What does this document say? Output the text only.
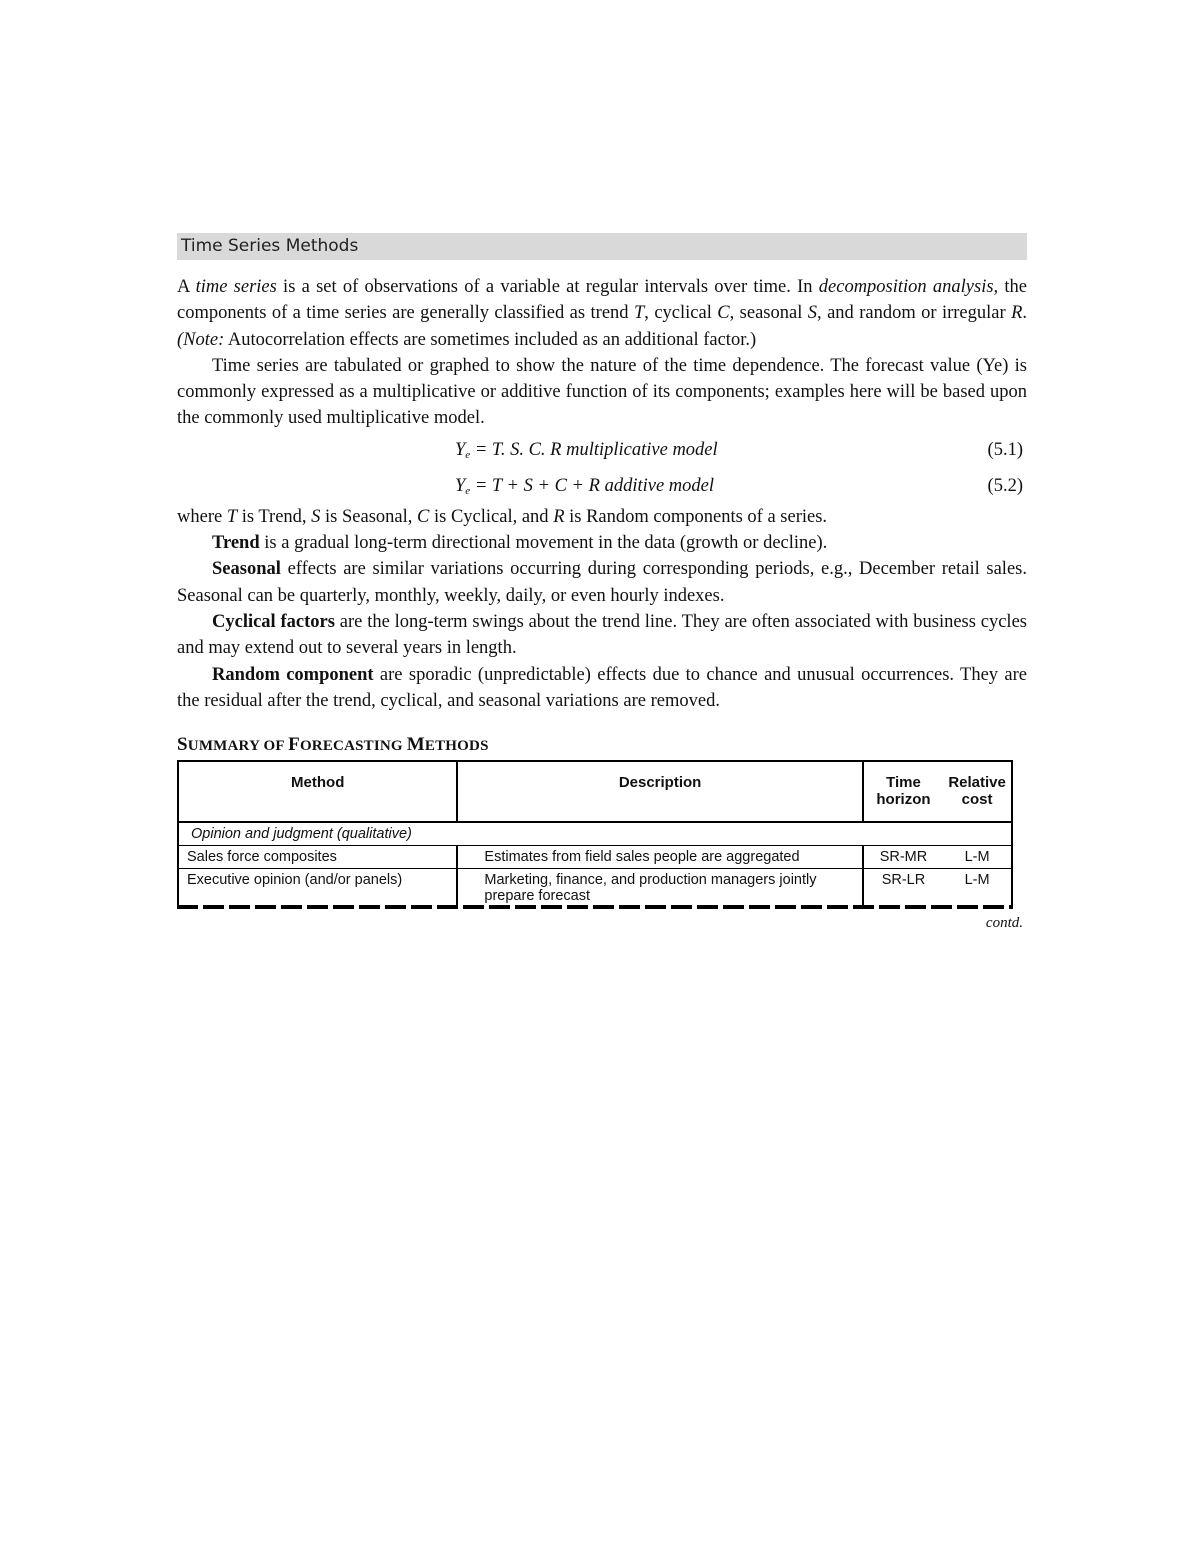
Time Series Methods

A time series is a set of observations of a variable at regular intervals over time. In decomposition analysis, the components of a time series are generally classified as trend T, cyclical C, seasonal S, and random or irregular R. (Note: Autocorrelation effects are sometimes included as an additional factor.)

Time series are tabulated or graphed to show the nature of the time dependence. The forecast value (Ye) is commonly expressed as a multiplicative or additive function of its components; examples here will be based upon the commonly used multiplicative model.

$Y_e = T$. S. C. R multiplicative model	(5.1)
$Y_e = T + S + C + R$ additive model	(5.2)

where T is Trend, S is Seasonal, C is Cyclical, and R is Random components of a series.

Trend is a gradual long-term directional movement in the data (growth or decline).

Seasonal effects are similar variations occurring during corresponding periods, e.g., December retail sales. Seasonal can be quarterly, monthly, weekly, daily, or even hourly indexes.

Cyclical factors are the long-term swings about the trend line. They are often associated with business cycles and may extend out to several years in length.

Random component are sporadic (unpredictable) effects due to chance and unusual occurrences. They are the residual after the trend, cyclical, and seasonal variations are removed.

SUMMARY OF FORECASTING METHODS
Method	Description	Time horizon	Relative cost
Opinion and judgment (qualitative)			
Sales force composites	Estimates from field sales people are aggregated	SR-MR	L-M
Executive opinion (and/or panels)	Marketing, finance, and production managers jointly prepare forecast	SR-LR	L-M
contd.
